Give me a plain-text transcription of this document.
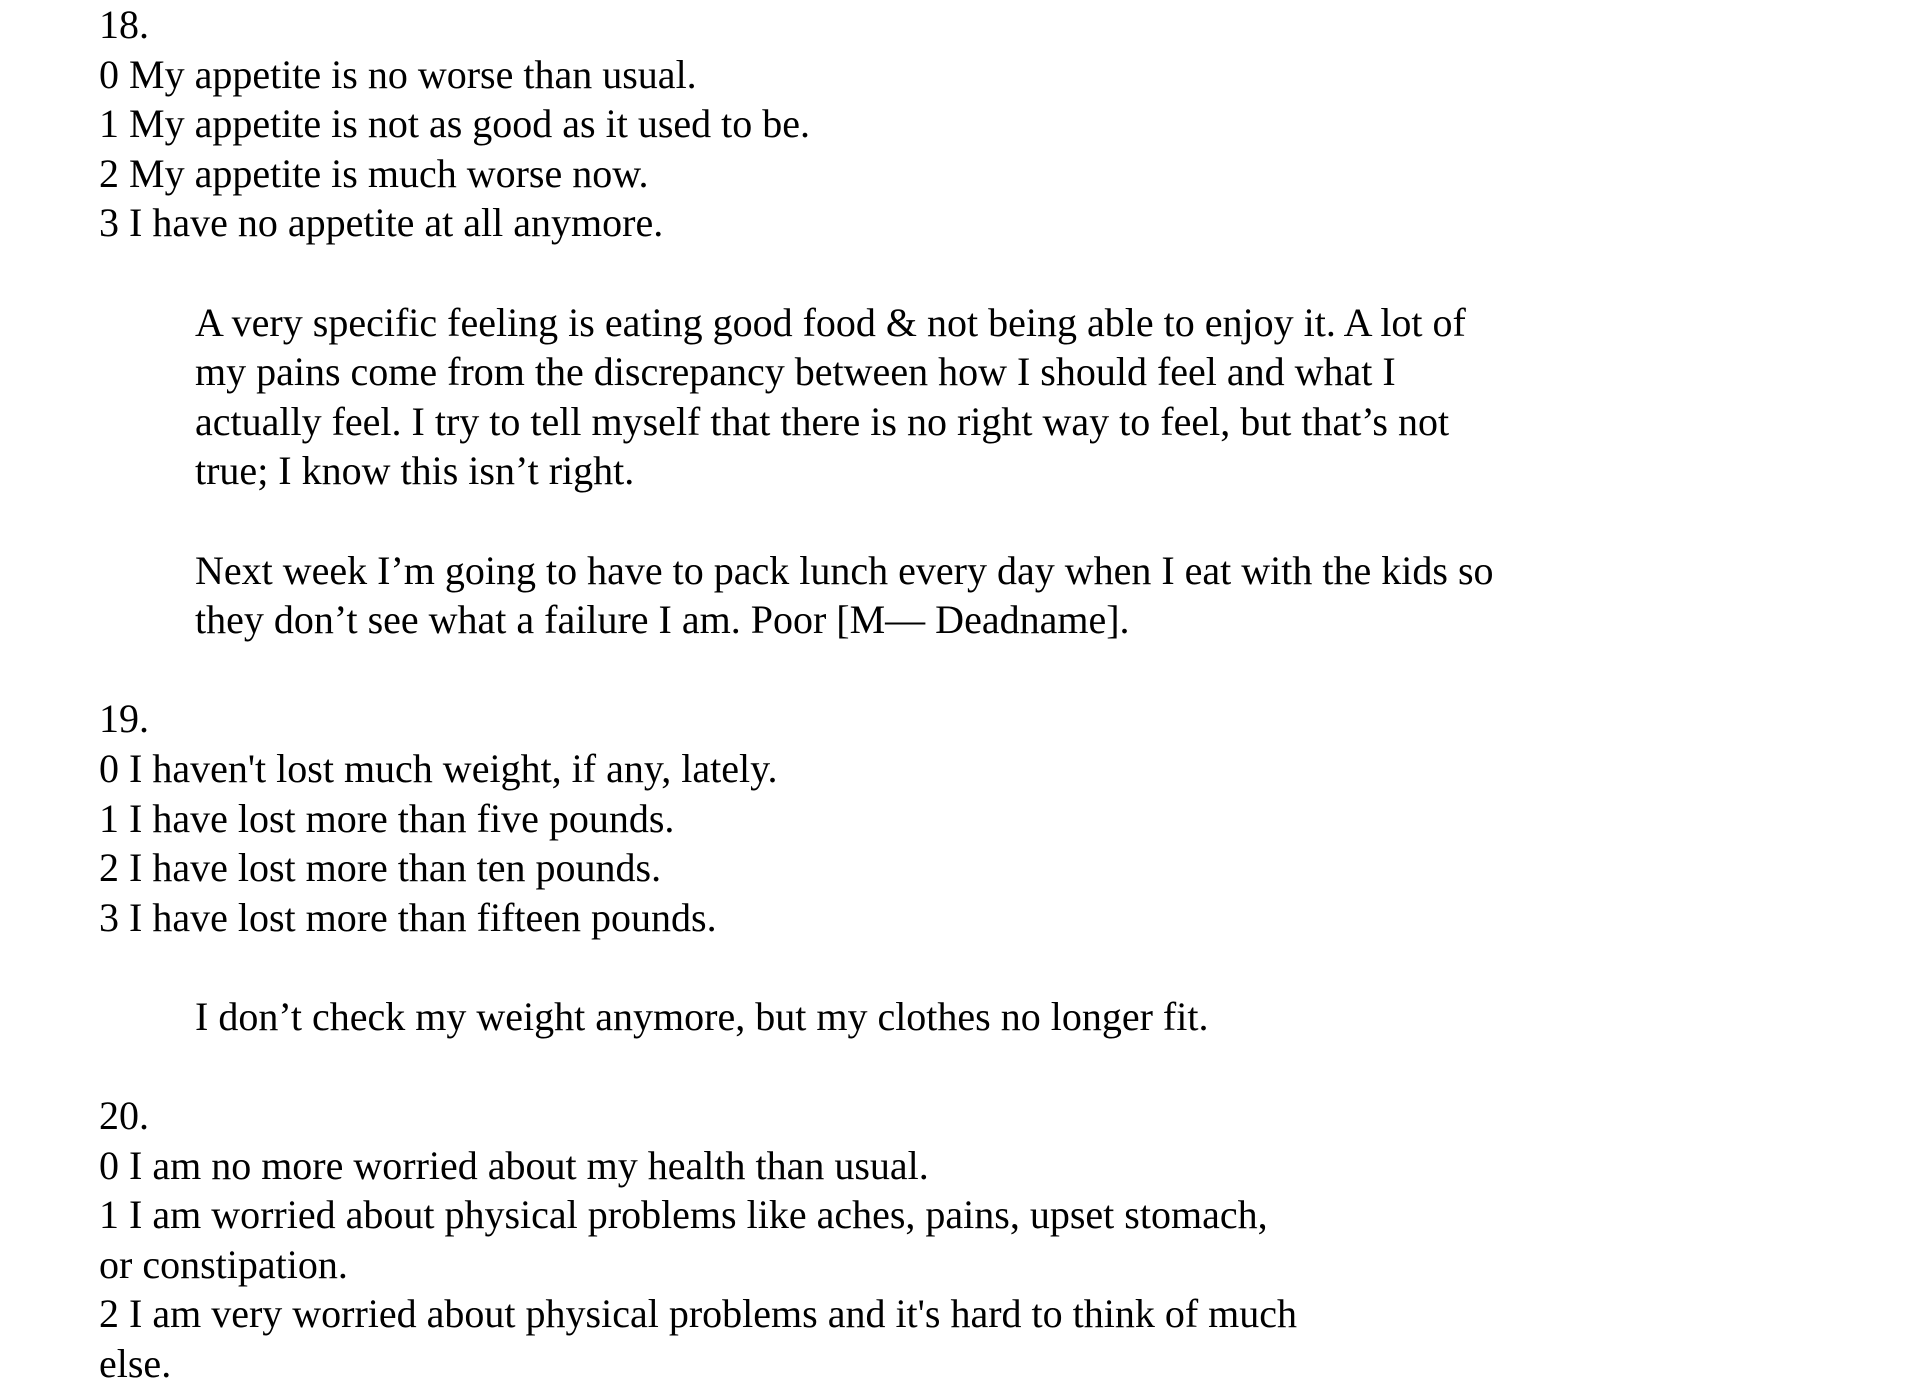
18.
0 My appetite is no worse than usual.
1 My appetite is not as good as it used to be.
2 My appetite is much worse now.
3 I have no appetite at all anymore.
A very specific feeling is eating good food & not being able to enjoy it. A lot of my pains come from the discrepancy between how I should feel and what I actually feel. I try to tell myself that there is no right way to feel, but that’s not true; I know this isn’t right.
Next week I’m going to have to pack lunch every day when I eat with the kids so they don’t see what a failure I am. Poor [M— Deadname].
19.
0 I haven't lost much weight, if any, lately.
1 I have lost more than five pounds.
2 I have lost more than ten pounds.
3 I have lost more than fifteen pounds.
I don’t check my weight anymore, but my clothes no longer fit.
20.
0 I am no more worried about my health than usual.
1 I am worried about physical problems like aches, pains, upset stomach, or constipation.
2 I am very worried about physical problems and it's hard to think of much else.
